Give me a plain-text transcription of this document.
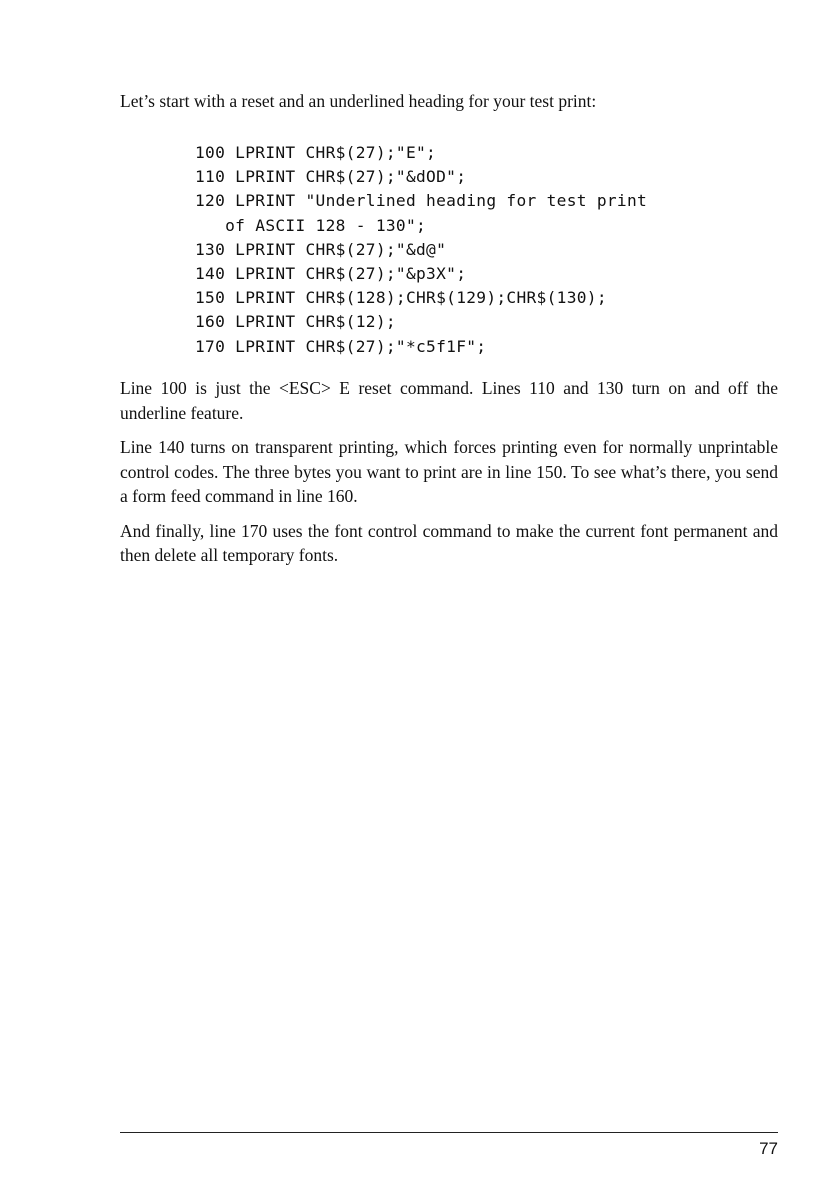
Let’s start with a reset and an underlined heading for your test print:

100 LPRINT CHR$(27);"E";
110 LPRINT CHR$(27);"&dOD";
120 LPRINT "Underlined heading for test print
of ASCII 128 - 130";
130 LPRINT CHR$(27);"&d@"
140 LPRINT CHR$(27);"&p3X";
150 LPRINT CHR$(128);CHR$(129);CHR$(130);
160 LPRINT CHR$(12);
170 LPRINT CHR$(27);"*c5f1F";

Line 100 is just the <ESC> E reset command. Lines 110 and 130 turn on and off the underline feature.

Line 140 turns on transparent printing, which forces printing even for normally unprintable control codes. The three bytes you want to print are in line 150. To see what’s there, you send a form feed command in line 160.

And finally, line 170 uses the font control command to make the current font permanent and then delete all temporary fonts.

77
